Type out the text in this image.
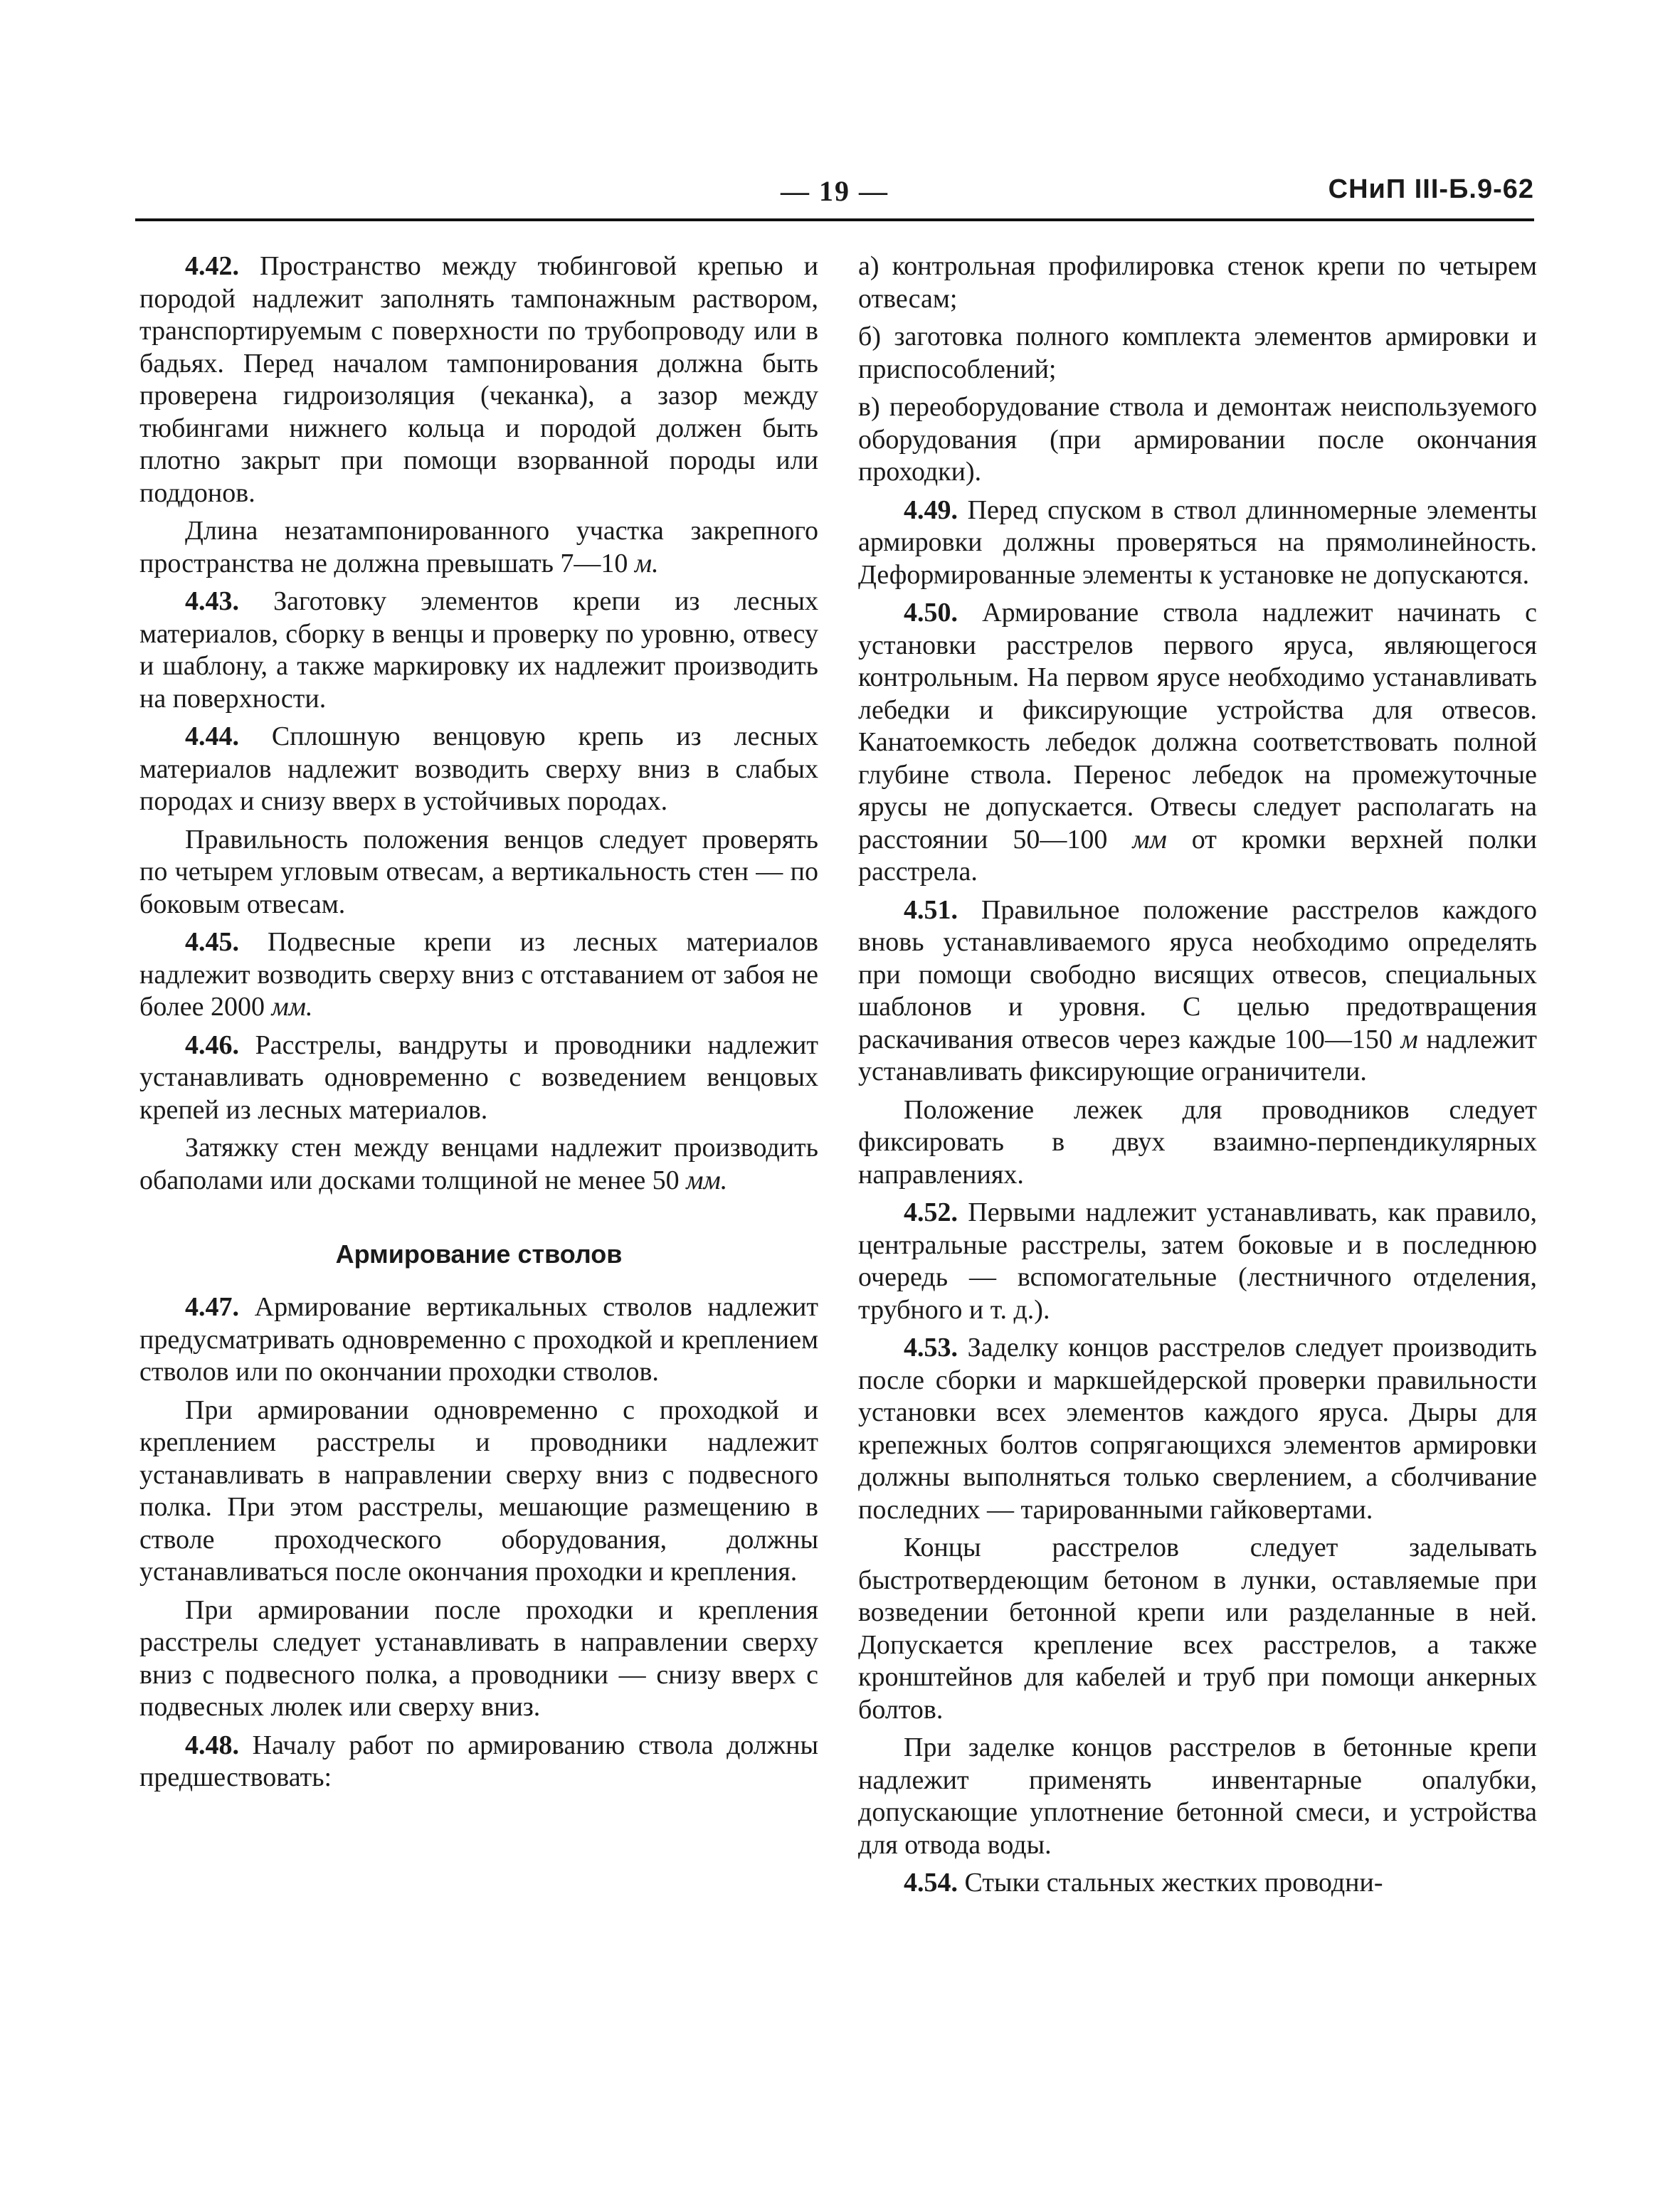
— 19 —	СНиП III-Б.9-62

4.42. Пространство между тюбинговой крепью и породой надлежит заполнять тампонажным раствором, транспортируемым с поверхности по трубопроводу или в бадьях. Перед началом тампонирования должна быть проверена гидроизоляция (чеканка), а зазор между тюбингами нижнего кольца и породой должен быть плотно закрыт при помощи взорванной породы или поддонов.

Длина незатампонированного участка закрепного пространства не должна превышать 7—10 м.

4.43. Заготовку элементов крепи из лесных материалов, сборку в венцы и проверку по уровню, отвесу и шаблону, а также маркировку их надлежит производить на поверхности.

4.44. Сплошную венцовую крепь из лесных материалов надлежит возводить сверху вниз в слабых породах и снизу вверх в устойчивых породах.

Правильность положения венцов следует проверять по четырем угловым отвесам, а вертикальность стен — по боковым отвесам.

4.45. Подвесные крепи из лесных материалов надлежит возводить сверху вниз с отставанием от забоя не более 2000 мм.

4.46. Расстрелы, вандруты и проводники надлежит устанавливать одновременно с возведением венцовых крепей из лесных материалов.

Затяжку стен между венцами надлежит производить обаполами или досками толщиной не менее 50 мм.

Армирование стволов

4.47. Армирование вертикальных стволов надлежит предусматривать одновременно с проходкой и креплением стволов или по окончании проходки стволов.

При армировании одновременно с проходкой и креплением расстрелы и проводники надлежит устанавливать в направлении сверху вниз с подвесного полка. При этом расстрелы, мешающие размещению в стволе проходческого оборудования, должны устанавливаться после окончания проходки и крепления.

При армировании после проходки и крепления расстрелы следует устанавливать в направлении сверху вниз с подвесного полка, а проводники — снизу вверх с подвесных люлек или сверху вниз.

4.48. Началу работ по армированию ствола должны предшествовать:

а) контрольная профилировка стенок крепи по четырем отвесам;

б) заготовка полного комплекта элементов армировки и приспособлений;

в) переоборудование ствола и демонтаж неиспользуемого оборудования (при армировании после окончания проходки).

4.49. Перед спуском в ствол длинномерные элементы армировки должны проверяться на прямолинейность. Деформированные элементы к установке не допускаются.

4.50. Армирование ствола надлежит начинать с установки расстрелов первого яруса, являющегося контрольным. На первом ярусе необходимо устанавливать лебедки и фиксирующие устройства для отвесов. Канатоемкость лебедок должна соответствовать полной глубине ствола. Перенос лебедок на промежуточные ярусы не допускается. Отвесы следует располагать на расстоянии 50—100 мм от кромки верхней полки расстрела.

4.51. Правильное положение расстрелов каждого вновь устанавливаемого яруса необходимо определять при помощи свободно висящих отвесов, специальных шаблонов и уровня. С целью предотвращения раскачивания отвесов через каждые 100—150 м надлежит устанавливать фиксирующие ограничители.

Положение лежек для проводников следует фиксировать в двух взаимно-перпендикулярных направлениях.

4.52. Первыми надлежит устанавливать, как правило, центральные расстрелы, затем боковые и в последнюю очередь — вспомогательные (лестничного отделения, трубного и т. д.).

4.53. Заделку концов расстрелов следует производить после сборки и маркшейдерской проверки правильности установки всех элементов каждого яруса. Дыры для крепежных болтов сопрягающихся элементов армировки должны выполняться только сверлением, а сболчивание последних — тарированными гайковертами.

Концы расстрелов следует заделывать быстротвердеющим бетоном в лунки, оставляемые при возведении бетонной крепи или разделанные в ней. Допускается крепление всех расстрелов, а также кронштейнов для кабелей и труб при помощи анкерных болтов.

При заделке концов расстрелов в бетонные крепи надлежит применять инвентарные опалубки, допускающие уплотнение бетонной смеси, и устройства для отвода воды.

4.54. Стыки стальных жестких проводни-
